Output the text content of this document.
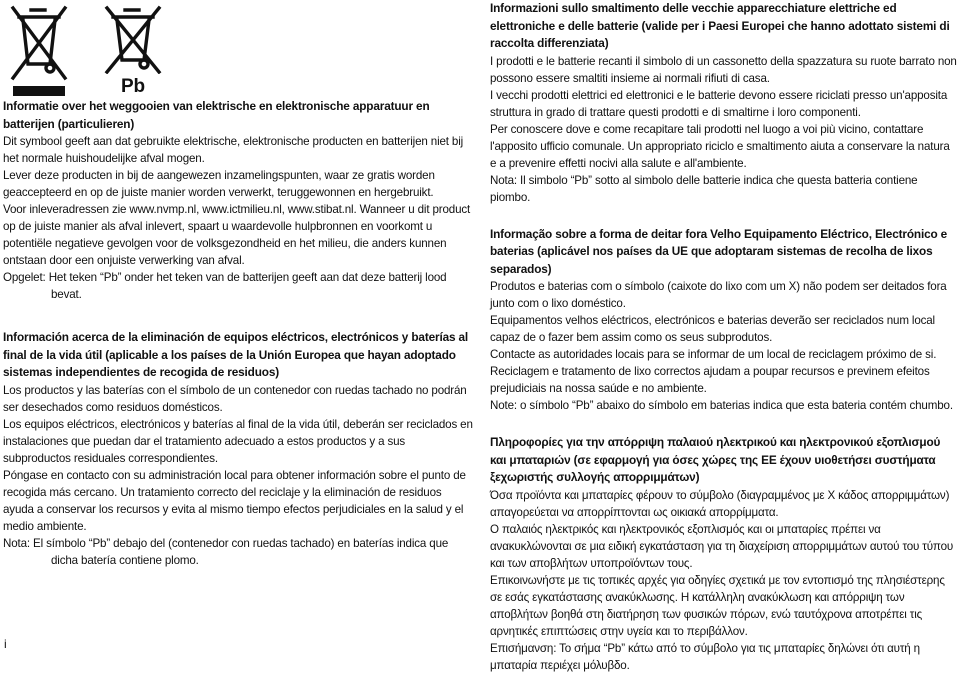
Pb
Informatie over het weggooien van elektrische en elektronische apparatuur en batterijen (particulieren)

Dit symbool geeft aan dat gebruikte elektrische, elektronische producten en batterijen niet bij het normale huishoudelijke afval mogen.

Lever deze producten in bij de aangewezen inzamelingspunten, waar ze gratis worden geaccepteerd en op de juiste manier worden verwerkt, teruggewonnen en hergebruikt.

Voor inleveradressen zie www.nvmp.nl, www.ictmilieu.nl, www.stibat.nl. Wanneer u dit product op de juiste manier als afval inlevert, spaart u waardevolle hulpbronnen en voorkomt u potentiële negatieve gevolgen voor de volksgezondheid en het milieu, die anders kunnen ontstaan door een onjuiste verwerking van afval.

Opgelet: Het teken “Pb” onder het teken van de batterijen geeft aan dat deze batterij lood bevat.

Información acerca de la eliminación de equipos eléctricos, electrónicos y baterías al final de la vida útil (aplicable a los países de la Unión Europea que hayan adoptado sistemas independientes de recogida de residuos)

Los productos y las baterías con el símbolo de un contenedor con ruedas tachado no podrán ser desechados como residuos domésticos.

Los equipos eléctricos, electrónicos y baterías al final de la vida útil, deberán ser reciclados en instalaciones que puedan dar el tratamiento adecuado a estos productos y a sus subproductos residuales correspondientes.

Póngase en contacto con su administración local para obtener información sobre el punto de recogida más cercano. Un tratamiento correcto del reciclaje y la eliminación de residuos ayuda a conservar los recursos y evita al mismo tiempo efectos perjudiciales en la salud y el medio ambiente.

Nota: El símbolo “Pb” debajo del (contenedor con ruedas tachado) en baterías indica que dicha batería contiene plomo.

Informazioni sullo smaltimento delle vecchie apparecchiature elettriche ed elettroniche e delle batterie (valide per i Paesi Europei che hanno adottato sistemi di raccolta differenziata)

I prodotti e le batterie recanti il simbolo di un cassonetto della spazzatura su ruote barrato non possono essere smaltiti insieme ai normali rifiuti di casa.

I vecchi prodotti elettrici ed elettronici e le batterie devono essere riciclati presso un'apposita struttura in grado di trattare questi prodotti e di smaltirne i loro componenti.

Per conoscere dove e come recapitare tali prodotti nel luogo a voi più vicino, contattare l'apposito ufficio comunale. Un appropriato riciclo e smaltimento aiuta a conservare la natura e a prevenire effetti nocivi alla salute e all'ambiente.

Nota: Il simbolo “Pb” sotto al simbolo delle batterie indica che questa batteria contiene piombo.

Informação sobre a forma de deitar fora Velho Equipamento Eléctrico, Electrónico e baterias (aplicável nos países da UE que adoptaram sistemas de recolha de lixos separados)

Produtos e baterias com o símbolo (caixote do lixo com um X) não podem ser deitados fora junto com o lixo doméstico.

Equipamentos velhos eléctricos, electrónicos e baterias deverão ser reciclados num local capaz de o fazer bem assim como os seus subprodutos.

Contacte as autoridades locais para se informar de um local de reciclagem próximo de si. Reciclagem e tratamento de lixo correctos ajudam a poupar recursos e previnem efeitos prejudiciais na nossa saúde e no ambiente.

Note: o símbolo “Pb” abaixo do símbolo em baterias indica que esta bateria contém chumbo.

Πληροφορίες για την απόρριψη παλαιού ηλεκτρικού και ηλεκτρονικού εξοπλισμού και μπαταριών (σε εφαρμογή για όσες χώρες της ΕΕ έχουν υιοθετήσει συστήματα ξεχωριστής συλλογής απορριμμάτων)

Όσα προϊόντα και μπαταρίες φέρουν το σύμβολο (διαγραμμένος με Χ κάδος απορριμμάτων) απαγορεύεται να απορρίπτονται ως οικιακά απορρίμματα.

Ο παλαιός ηλεκτρικός και ηλεκτρονικός εξοπλισμός και οι μπαταρίες πρέπει να ανακυκλώνονται σε μια ειδική εγκατάσταση για τη διαχείριση απορριμμάτων αυτού του τύπου και των αποβλήτων υποπροϊόντων τους.

Επικοινωνήστε με τις τοπικές αρχές για οδηγίες σχετικά με τον εντοπισμό της πλησιέστερης σε εσάς εγκατάστασης ανακύκλωσης. Η κατάλληλη ανακύκλωση και απόρριψη των αποβλήτων βοηθά στη διατήρηση των φυσικών πόρων, ενώ ταυτόχρονα αποτρέπει τις αρνητικές επιπτώσεις στην υγεία και το περιβάλλον.

Επισήμανση: Το σήμα “Pb” κάτω από το σύμβολο για τις μπαταρίες δηλώνει ότι αυτή η μπαταρία περιέχει μόλυβδο.

i
